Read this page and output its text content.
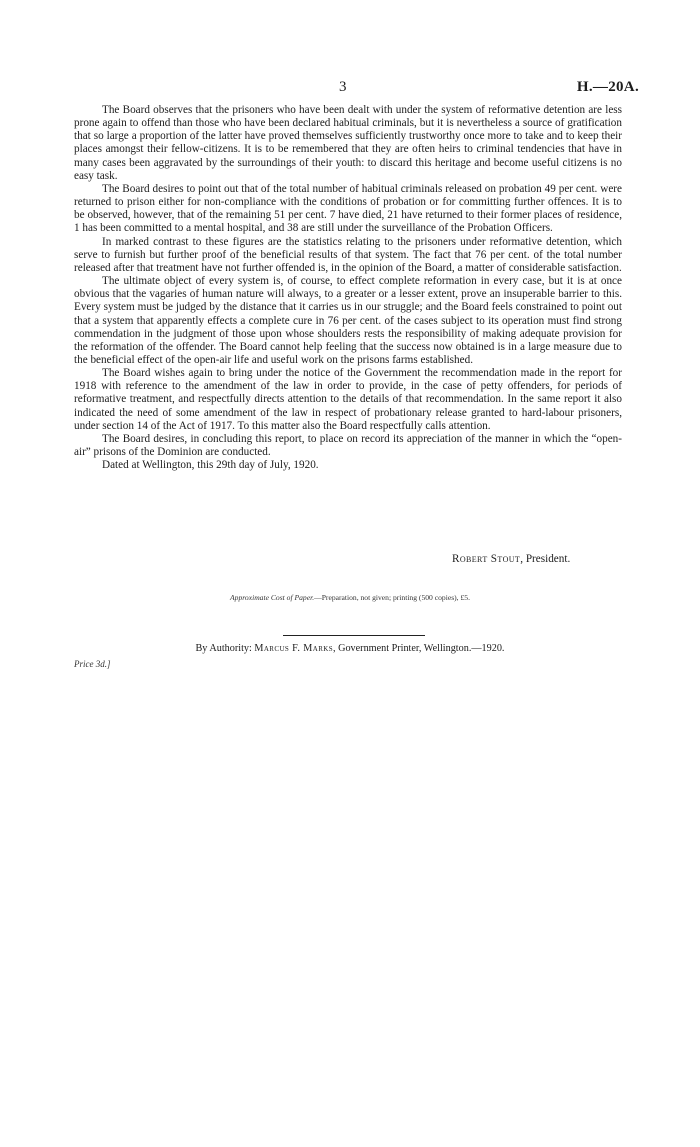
3	H.—20A.

The Board observes that the prisoners who have been dealt with under the system of reformative detention are less prone again to offend than those who have been declared habitual criminals, but it is nevertheless a source of gratification that so large a proportion of the latter have proved themselves sufficiently trustworthy once more to take and to keep their places amongst their fellow-citizens. It is to be remembered that they are often heirs to criminal tendencies that have in many cases been aggravated by the surroundings of their youth: to discard this heritage and become useful citizens is no easy task.

The Board desires to point out that of the total number of habitual criminals released on probation 49 per cent. were returned to prison either for non-compliance with the conditions of probation or for committing further offences. It is to be observed, however, that of the remaining 51 per cent. 7 have died, 21 have returned to their former places of residence, 1 has been committed to a mental hospital, and 38 are still under the surveillance of the Probation Officers.

In marked contrast to these figures are the statistics relating to the prisoners under reformative detention, which serve to furnish but further proof of the beneficial results of that system. The fact that 76 per cent. of the total number released after that treatment have not further offended is, in the opinion of the Board, a matter of considerable satisfaction.

The ultimate object of every system is, of course, to effect complete reformation in every case, but it is at once obvious that the vagaries of human nature will always, to a greater or a lesser extent, prove an insuperable barrier to this. Every system must be judged by the distance that it carries us in our struggle; and the Board feels constrained to point out that a system that apparently effects a complete cure in 76 per cent. of the cases subject to its operation must find strong commendation in the judgment of those upon whose shoulders rests the responsibility of making adequate provision for the reformation of the offender. The Board cannot help feeling that the success now obtained is in a large measure due to the beneficial effect of the open-air life and useful work on the prisons farms established.

The Board wishes again to bring under the notice of the Government the recommendation made in the report for 1918 with reference to the amendment of the law in order to provide, in the case of petty offenders, for periods of reformative treatment, and respectfully directs attention to the details of that recommendation. In the same report it also indicated the need of some amendment of the law in respect of probationary release granted to hard-labour prisoners, under section 14 of the Act of 1917. To this matter also the Board respectfully calls attention.

The Board desires, in concluding this report, to place on record its appreciation of the manner in which the “open-air” prisons of the Dominion are conducted.

Dated at Wellington, this 29th day of July, 1920.

Robert Stout, President.
Approximate Cost of Paper.—Preparation, not given; printing (500 copies), £5.
By Authority: Marcus F. Marks, Government Printer, Wellington.—1920.
Price 3d.]
